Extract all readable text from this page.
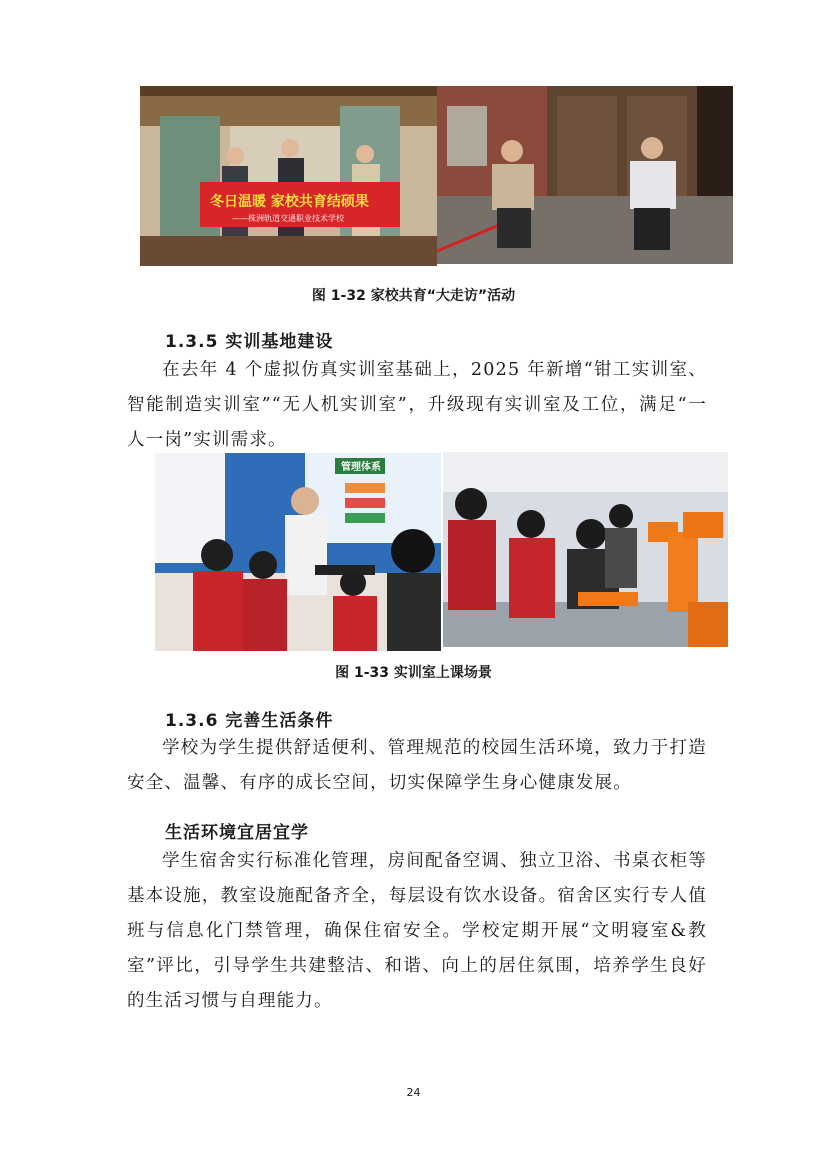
冬日温暖 家校共育结硕果
——株洲轨道交通职业技术学校
图 1-32 家校共育“大走访”活动
1.3.5 实训基地建设

在去年 4 个虚拟仿真实训室基础上，2025 年新增“钳工实训室、智能制造实训室”“无人机实训室”，升级现有实训室及工位，满足“一人一岗”实训需求。

管理体系
图 1-33 实训室上课场景
1.3.6 完善生活条件

学校为学生提供舒适便利、管理规范的校园生活环境，致力于打造安全、温馨、有序的成长空间，切实保障学生身心健康发展。

生活环境宜居宜学

学生宿舍实行标准化管理，房间配备空调、独立卫浴、书桌衣柜等基本设施，教室设施配备齐全，每层设有饮水设备。宿舍区实行专人值班与信息化门禁管理，确保住宿安全。学校定期开展“文明寝室&教室”评比，引导学生共建整洁、和谐、向上的居住氛围，培养学生良好的生活习惯与自理能力。

24
